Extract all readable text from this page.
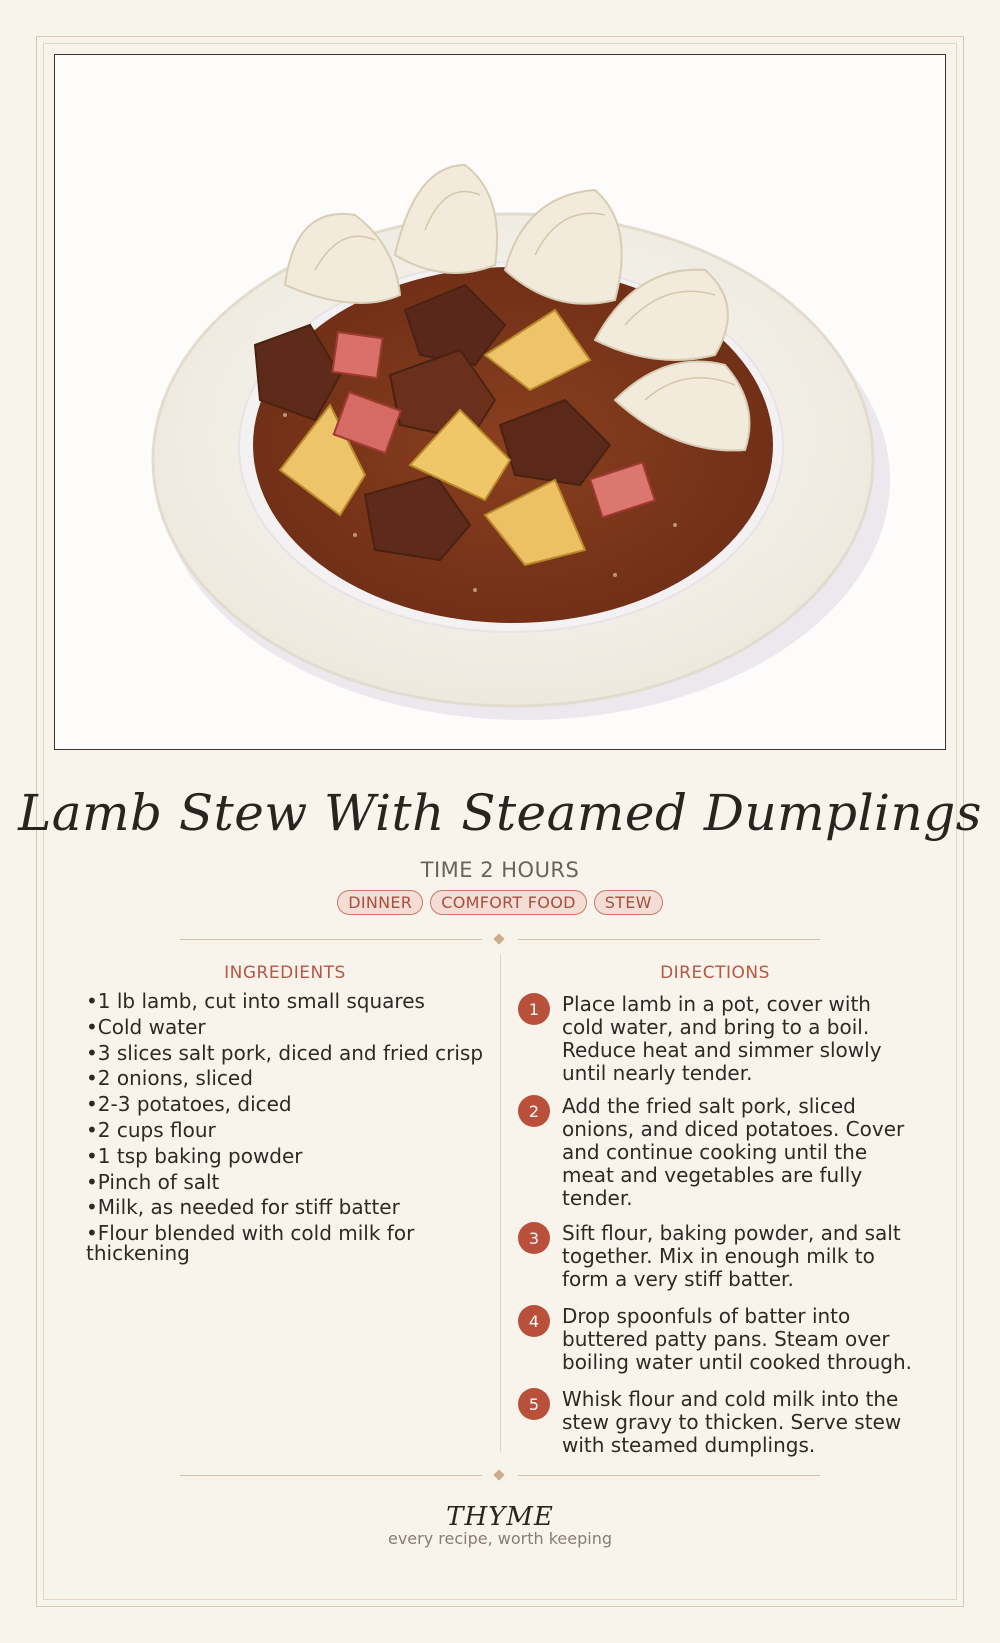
Lamb Stew With Steamed Dumplings
TIME 2 HOURS
DINNER	COMFORT FOOD	STEW
INGREDIENTS
• 1 lb lamb, cut into small squares
• Cold water
• 3 slices salt pork, diced and fried crisp
• 2 onions, sliced
• 2-3 potatoes, diced
• 2 cups flour
• 1 tsp baking powder
• Pinch of salt
• Milk, as needed for stiff batter
• Flour blended with cold milk for thickening
DIRECTIONS
1	Place lamb in a pot, cover with cold water, and bring to a boil. Reduce heat and simmer slowly until nearly tender.
2	Add the fried salt pork, sliced onions, and diced potatoes. Cover and continue cooking until the meat and vegetables are fully tender.
3	Sift flour, baking powder, and salt together. Mix in enough milk to form a very stiff batter.
4	Drop spoonfuls of batter into buttered patty pans. Steam over boiling water until cooked through.
5	Whisk flour and cold milk into the stew gravy to thicken. Serve stew with steamed dumplings.
THYME
every recipe, worth keeping
